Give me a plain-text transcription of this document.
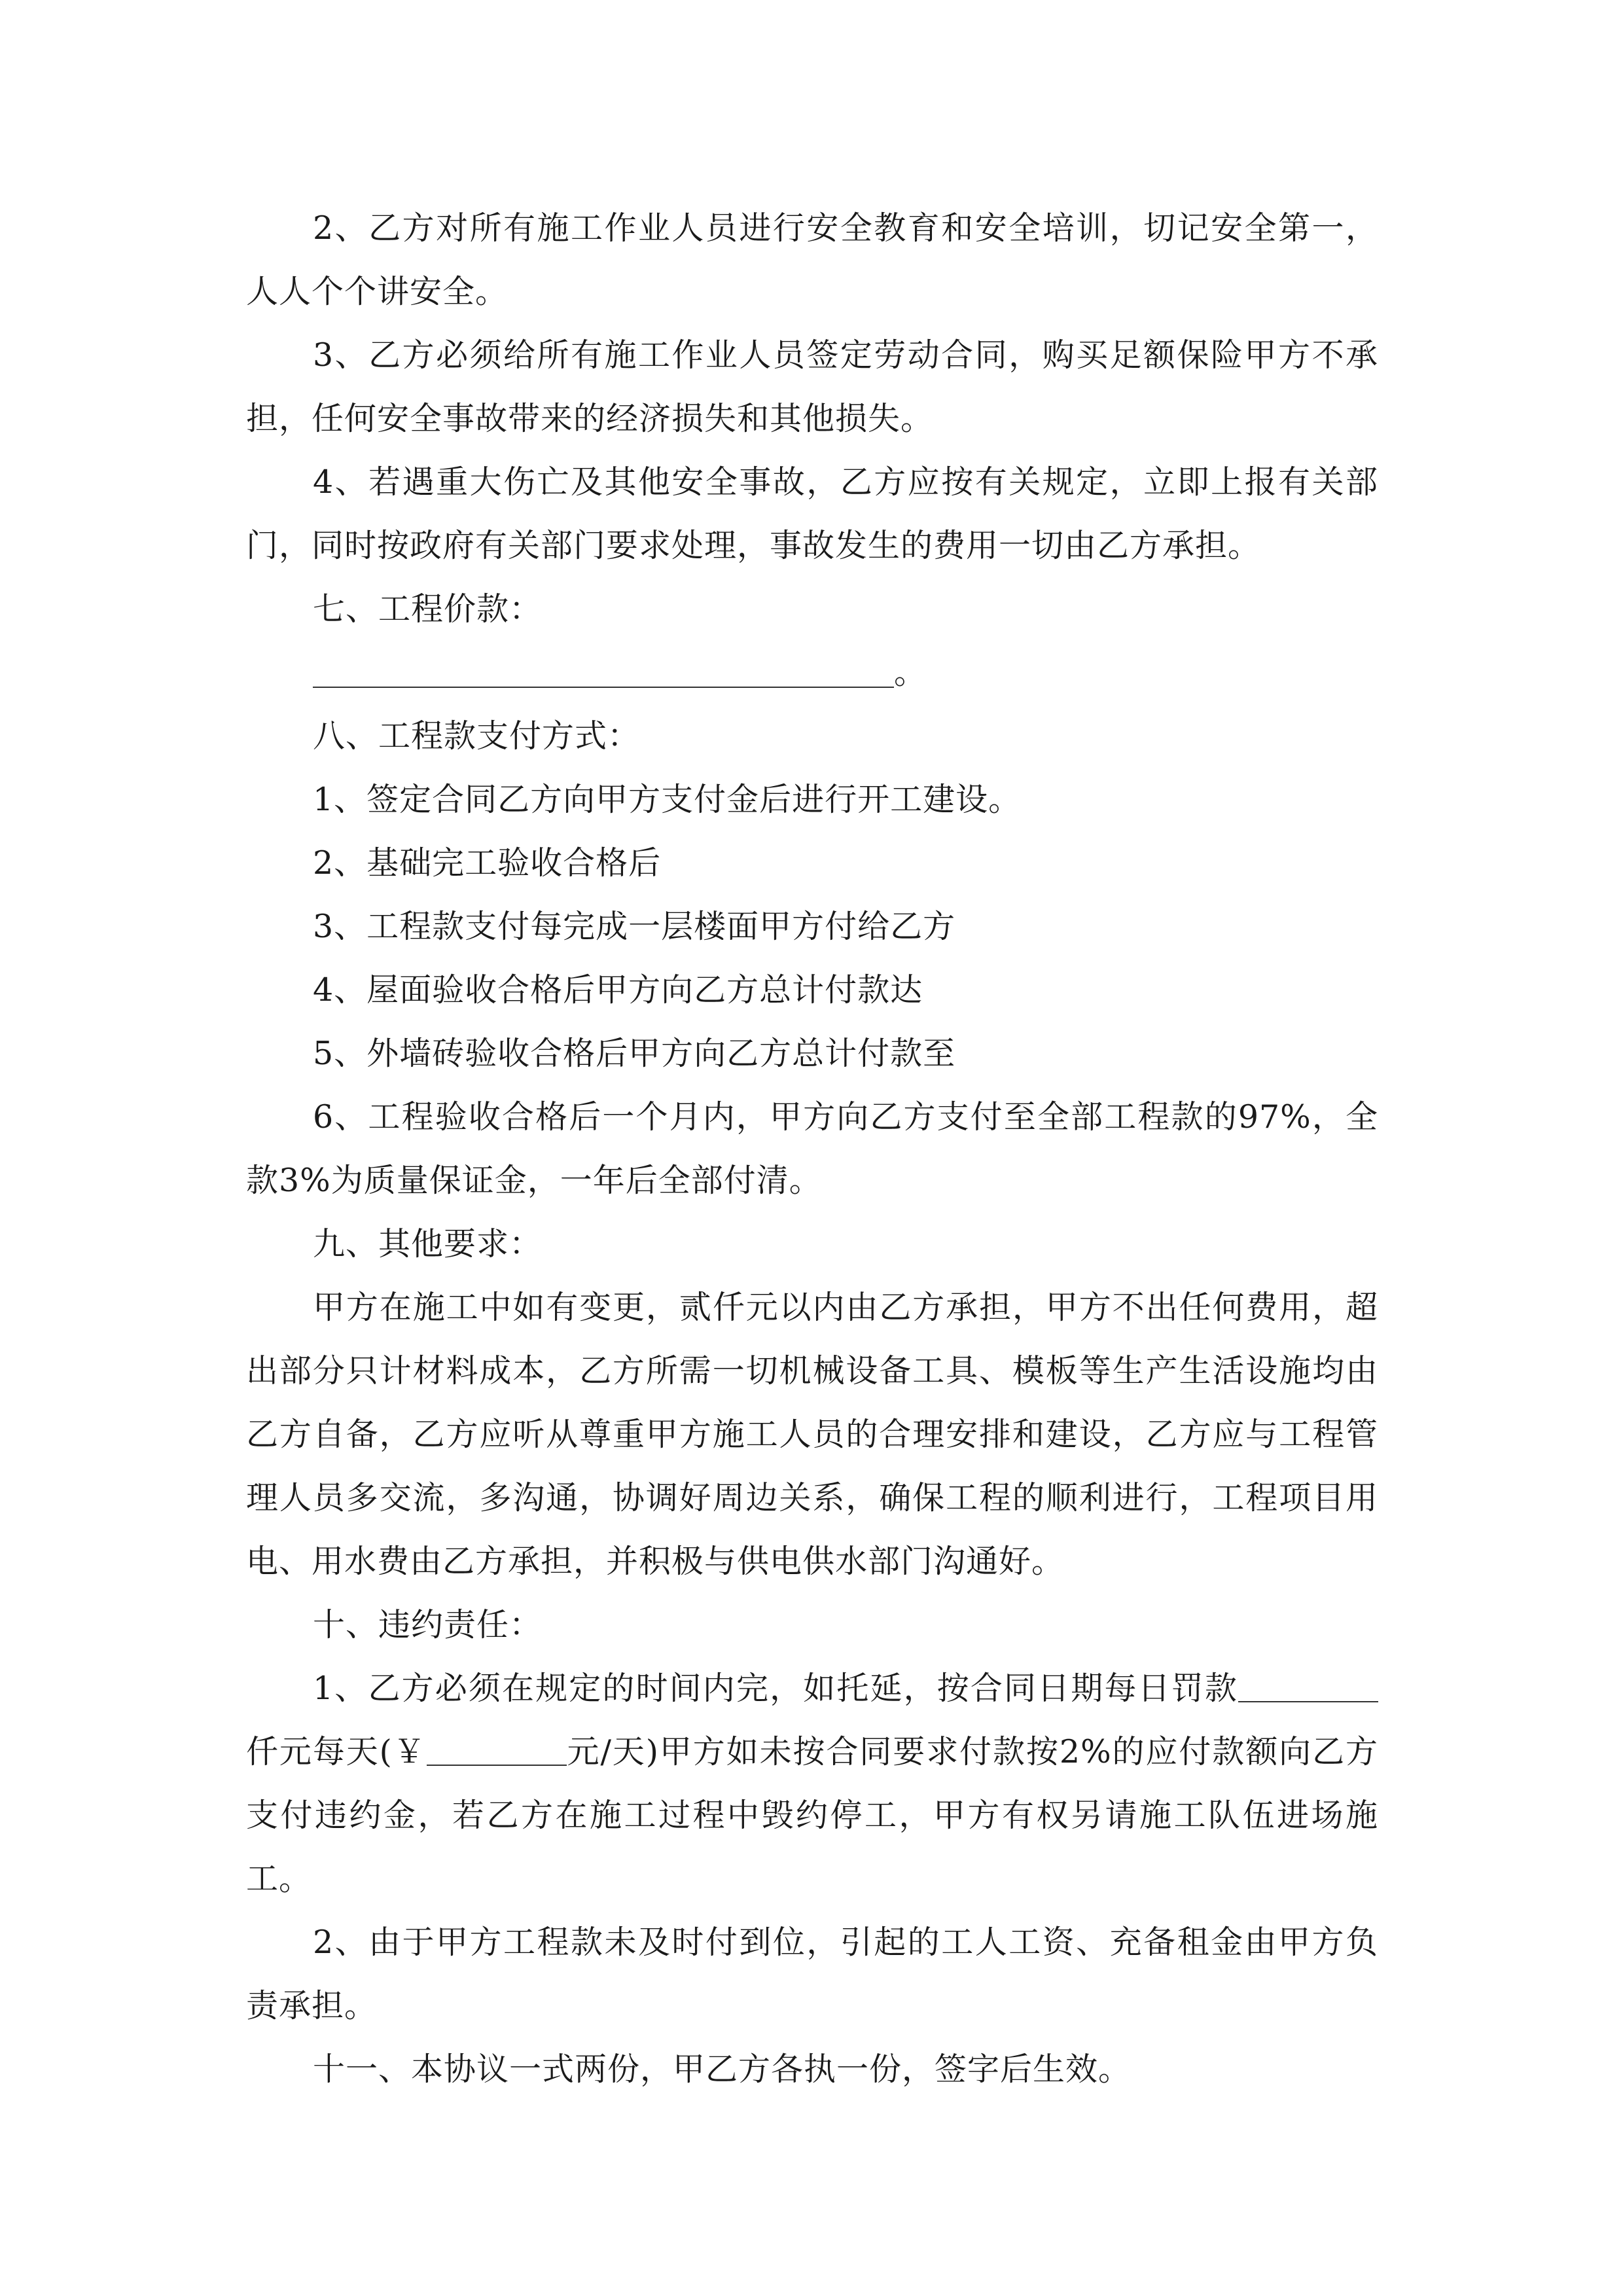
2、乙方对所有施工作业人员进行安全教育和安全培训，切记安全第一，人人个个讲安全。

3、乙方必须给所有施工作业人员签定劳动合同，购买足额保险甲方不承担，任何安全事故带来的经济损失和其他损失。

4、若遇重大伤亡及其他安全事故，乙方应按有关规定，立即上报有关部门，同时按政府有关部门要求处理，事故发生的费用一切由乙方承担。

七、工程价款：

。

八、工程款支付方式：

1、签定合同乙方向甲方支付金后进行开工建设。

2、基础完工验收合格后

3、工程款支付每完成一层楼面甲方付给乙方

4、屋面验收合格后甲方向乙方总计付款达

5、外墙砖验收合格后甲方向乙方总计付款至

6、工程验收合格后一个月内，甲方向乙方支付至全部工程款的97%，全款3%为质量保证金，一年后全部付清。

九、其他要求：

甲方在施工中如有变更，贰仟元以内由乙方承担，甲方不出任何费用，超出部分只计材料成本，乙方所需一切机械设备工具、模板等生产生活设施均由乙方自备，乙方应听从尊重甲方施工人员的合理安排和建设，乙方应与工程管理人员多交流，多沟通，协调好周边关系，确保工程的顺利进行，工程项目用电、用水费由乙方承担，并积极与供电供水部门沟通好。

十、违约责任：

1、乙方必须在规定的时间内完，如托延，按合同日期每日罚款仟元每天(￥	元/天)甲方如未按合同要求付款按2%的应付款额向乙方支付违约金，若乙方在施工过程中毁约停工，甲方有权另请施工队伍进场施工。

2、由于甲方工程款未及时付到位，引起的工人工资、充备租金由甲方负责承担。

十一、本协议一式两份，甲乙方各执一份，签字后生效。
